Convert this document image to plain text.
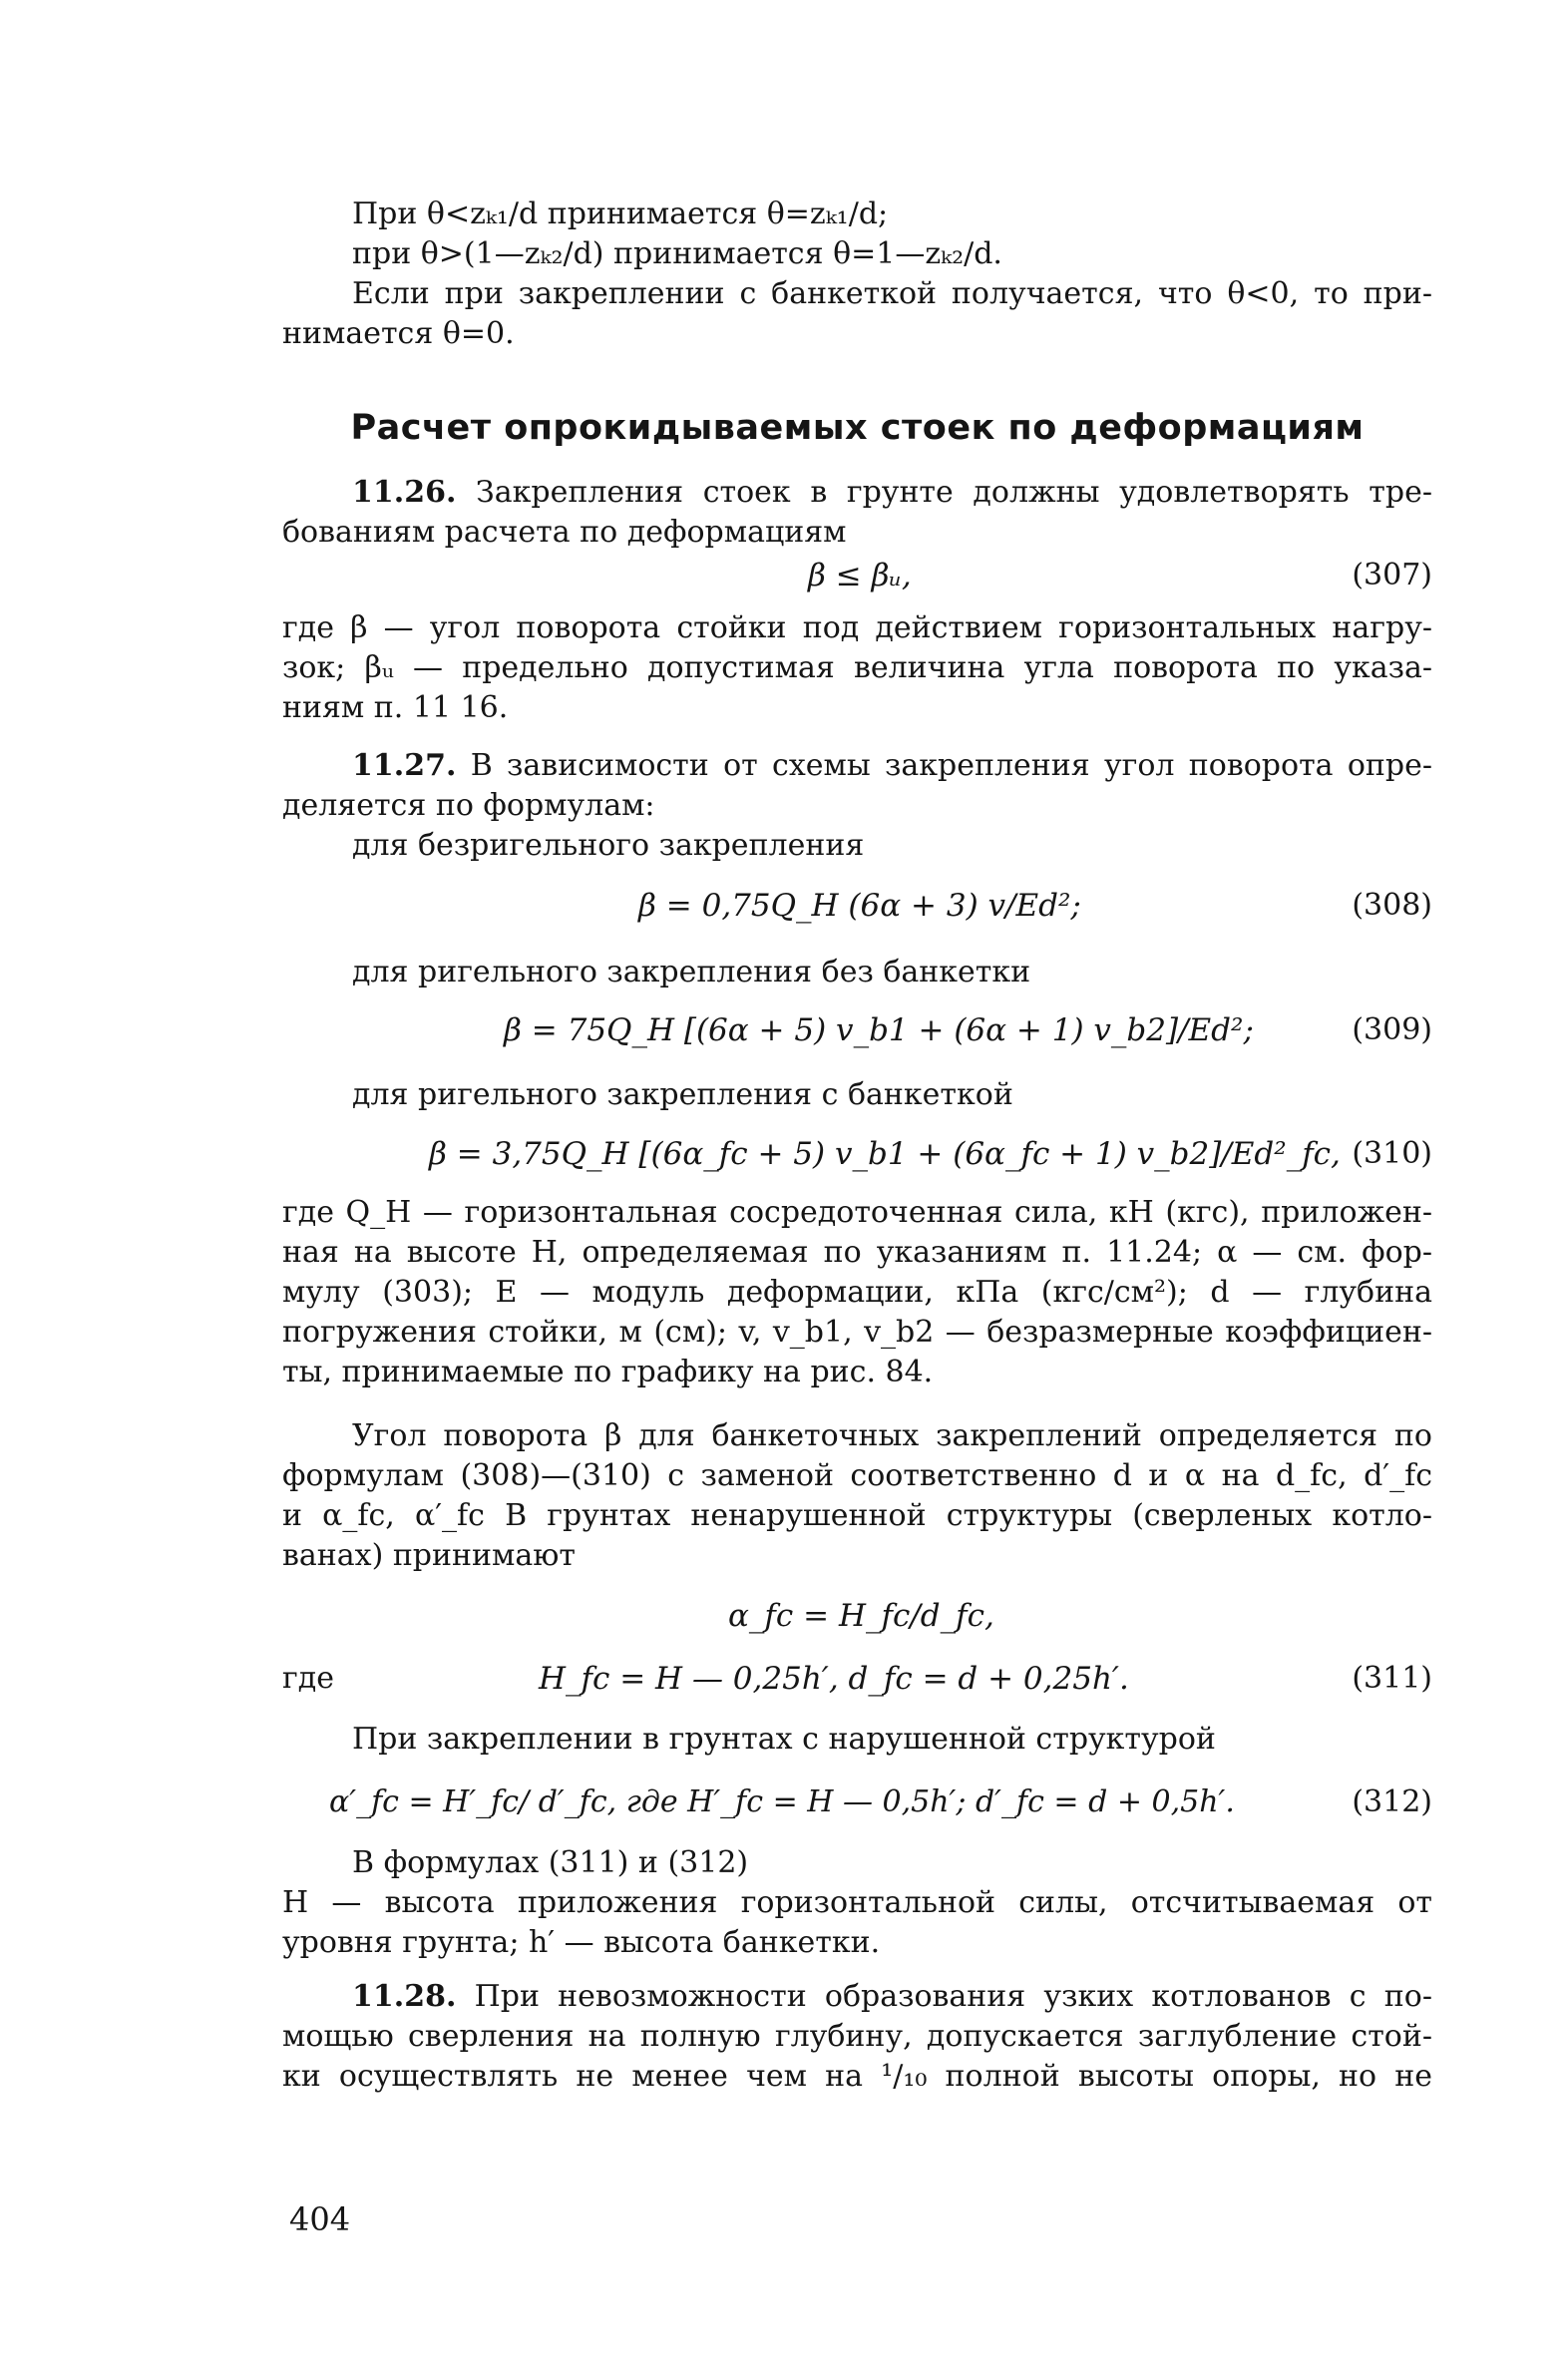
При θ<zₖ₁/d принимается θ=zₖ₁/d;
при θ>(1—zₖ₂/d) принимается θ=1—zₖ₂/d.
Если при закреплении с банкеткой получается, что θ<0, то при-
нимается θ=0.
Расчет опрокидываемых стоек по деформациям
11.26. Закрепления стоек в грунте должны удовлетворять тре-
бованиям расчета по деформациям
β ≤ βᵤ,	(307)
где β — угол поворота стойки под действием горизонтальных нагру-
зок; βᵤ — предельно допустимая величина угла поворота по указа-
ниям п. 11 16.
11.27. В зависимости от схемы закрепления угол поворота опре-
деляется по формулам:
для безригельного закрепления
β = 0,75Q_H (6α + 3) v/Ed²;	(308)
для ригельного закрепления без банкетки
β = 75Q_H [(6α + 5) v_b1 + (6α + 1) v_b2]/Ed²;	(309)
для ригельного закрепления с банкеткой
β = 3,75Q_H [(6α_fc + 5) v_b1 + (6α_fc + 1) v_b2]/Ed²_fc, (310)
где Q_H — горизонтальная сосредоточенная сила, кН (кгс), приложен-
ная на высоте H, определяемая по указаниям п. 11.24; α — см. фор-
мулу (303); E — модуль деформации, кПа (кгс/см²); d — глубина
погружения стойки, м (см); v, v_b1, v_b2 — безразмерные коэффициен-
ты, принимаемые по графику на рис. 84.
Угол поворота β для банкеточных закреплений определяется по
формулам (308)—(310) с заменой соответственно d и α на d_fc, d′_fc
и α_fc, α′_fc В грунтах ненарушенной структуры (сверленых котло-
ванах) принимают
α_fc = H_fc/d_fc,
где	H_fc = H — 0,25h′, d_fc = d + 0,25h′.	(311)
При закреплении в грунтах с нарушенной структурой
α′_fc = H′_fc/ d′_fc, где H′_fc = H — 0,5h′; d′_fc = d + 0,5h′.	(312)
В формулах (311) и (312)
H — высота приложения горизонтальной силы, отсчитываемая от
уровня грунта; h′ — высота банкетки.
11.28. При невозможности образования узких котлованов с по-
мощью сверления на полную глубину, допускается заглубление стой-
ки осуществлять не менее чем на ¹/₁₀ полной высоты опоры, но не
404
